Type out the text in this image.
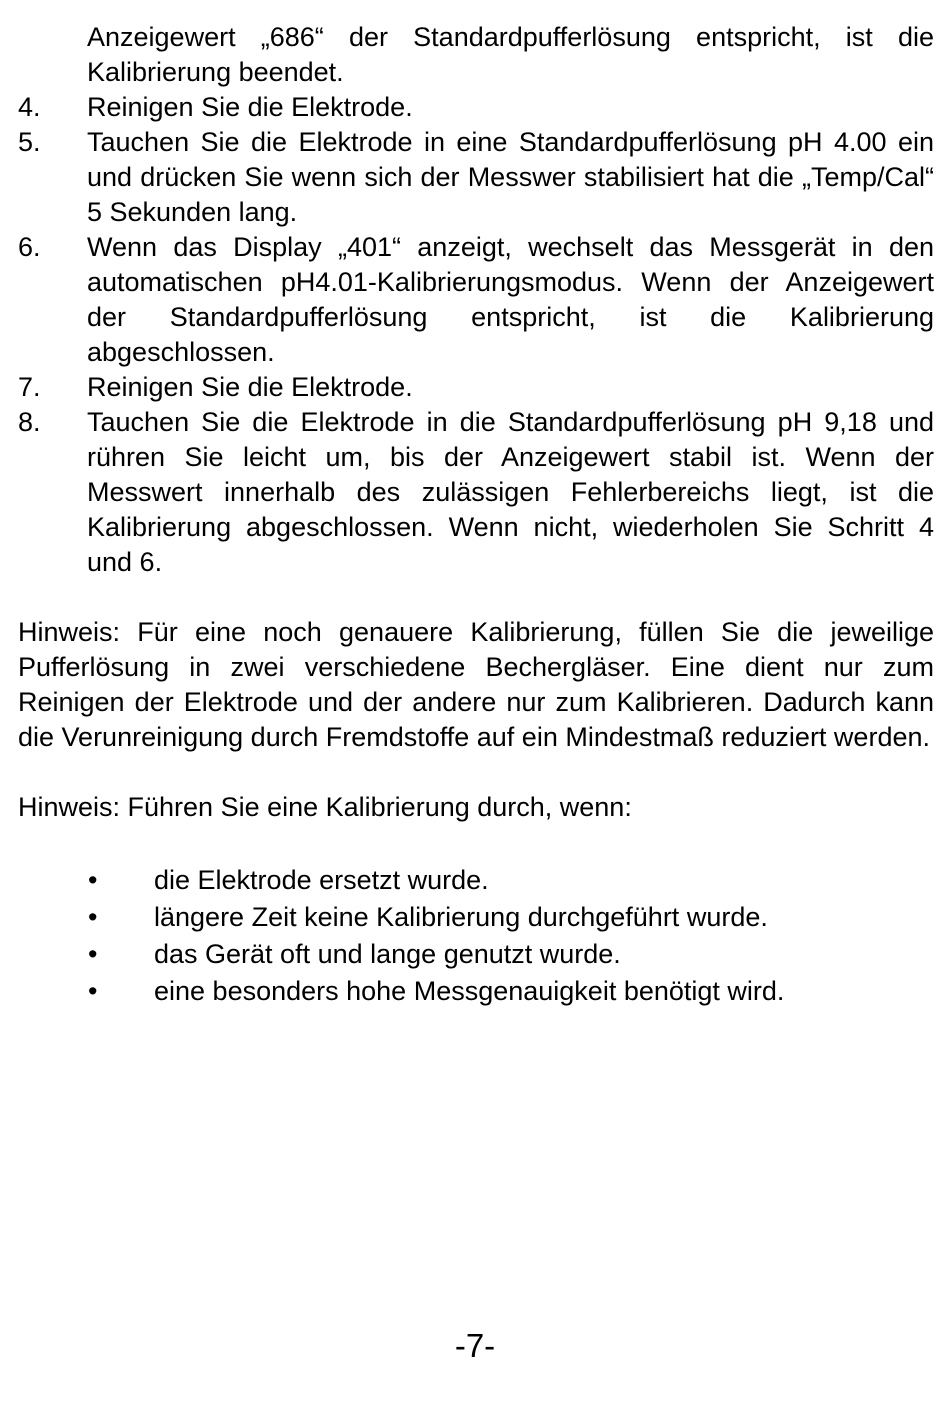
Anzeigewert „686“ der Standardpufferlösung entspricht, ist die Kalibrierung beendet.
4. Reinigen Sie die Elektrode.
5. Tauchen Sie die Elektrode in eine Standardpufferlösung pH 4.00 ein und drücken Sie wenn sich der Messwer stabilisiert hat die „Temp/Cal“ 5 Sekunden lang.
6. Wenn das Display „401“ anzeigt, wechselt das Messgerät in den automatischen pH4.01-Kalibrierungsmodus. Wenn der Anzeigewert der Standardpufferlösung entspricht, ist die Kalibrierung abgeschlossen.
7. Reinigen Sie die Elektrode.
8. Tauchen Sie die Elektrode in die Standardpufferlösung pH 9,18 und rühren Sie leicht um, bis der Anzeigewert stabil ist. Wenn der Messwert innerhalb des zulässigen Fehlerbereichs liegt, ist die Kalibrierung abgeschlossen. Wenn nicht, wiederholen Sie Schritt 4 und 6.
Hinweis: Für eine noch genauere Kalibrierung, füllen Sie die jeweilige Pufferlösung in zwei verschiedene Bechergläser. Eine dient nur zum Reinigen der Elektrode und der andere nur zum Kalibrieren. Dadurch kann die Verunreinigung durch Fremdstoffe auf ein Mindestmaß reduziert werden.
Hinweis: Führen Sie eine Kalibrierung durch, wenn:
• die Elektrode ersetzt wurde.
• längere Zeit keine Kalibrierung durchgeführt wurde.
• das Gerät oft und lange genutzt wurde.
• eine besonders hohe Messgenauigkeit benötigt wird.
-7-
